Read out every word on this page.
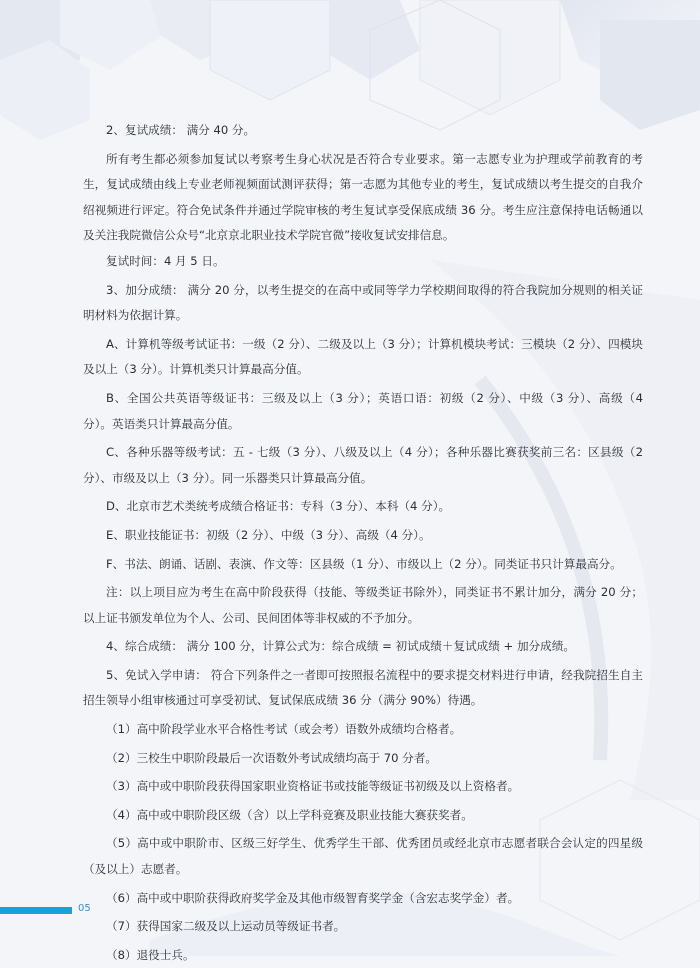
2、复试成绩： 满分 40 分。

所有考生都必须参加复试以考察考生身心状况是否符合专业要求。第一志愿专业为护理或学前教育的考生，复试成绩由线上专业老师视频面试测评获得；第一志愿为其他专业的考生，复试成绩以考生提交的自我介绍视频进行评定。符合免试条件并通过学院审核的考生复试享受保底成绩 36 分。考生应注意保持电话畅通以及关注我院微信公众号“北京京北职业技术学院官微”接收复试安排信息。

复试时间：4 月 5 日。

3、加分成绩： 满分 20 分，以考生提交的在高中或同等学力学校期间取得的符合我院加分规则的相关证明材料为依据计算。

A、计算机等级考试证书：一级（2 分）、二级及以上（3 分）；计算机模块考试：三模块（2 分）、四模块及以上（3 分）。计算机类只计算最高分值。

B、全国公共英语等级证书：三级及以上（3 分）；英语口语：初级（2 分）、中级（3 分）、高级（4 分）。英语类只计算最高分值。

C、各种乐器等级考试：五 - 七级（3 分）、八级及以上（4 分）；各种乐器比赛获奖前三名：区县级（2 分）、市级及以上（3 分）。同一乐器类只计算最高分值。

D、北京市艺术类统考成绩合格证书：专科（3 分）、本科（4 分）。

E、职业技能证书：初级（2 分）、中级（3 分）、高级（4 分）。

F、书法、朗诵、话剧、表演、作文等：区县级（1 分）、市级以上（2 分）。同类证书只计算最高分。

注：以上项目应为考生在高中阶段获得（技能、等级类证书除外），同类证书不累计加分，满分 20 分；以上证书颁发单位为个人、公司、民间团体等非权威的不予加分。

4、综合成绩： 满分 100 分，计算公式为：综合成绩 = 初试成绩＋复试成绩 + 加分成绩。

5、免试入学申请： 符合下列条件之一者即可按照报名流程中的要求提交材料进行申请，经我院招生自主招生领导小组审核通过可享受初试、复试保底成绩 36 分（满分 90%）待遇。

（1）高中阶段学业水平合格性考试（或会考）语数外成绩均合格者。

（2）三校生中职阶段最后一次语数外考试成绩均高于 70 分者。

（3）高中或中职阶段获得国家职业资格证书或技能等级证书初级及以上资格者。

（4）高中或中职阶段区级（含）以上学科竞赛及职业技能大赛获奖者。

（5）高中或中职阶市、区级三好学生、优秀学生干部、优秀团员或经北京市志愿者联合会认定的四星级（及以上）志愿者。

（6）高中或中职阶获得政府奖学金及其他市级智育奖学金（含宏志奖学金）者。

（7）获得国家二级及以上运动员等级证书者。

（8）退役士兵。

05
